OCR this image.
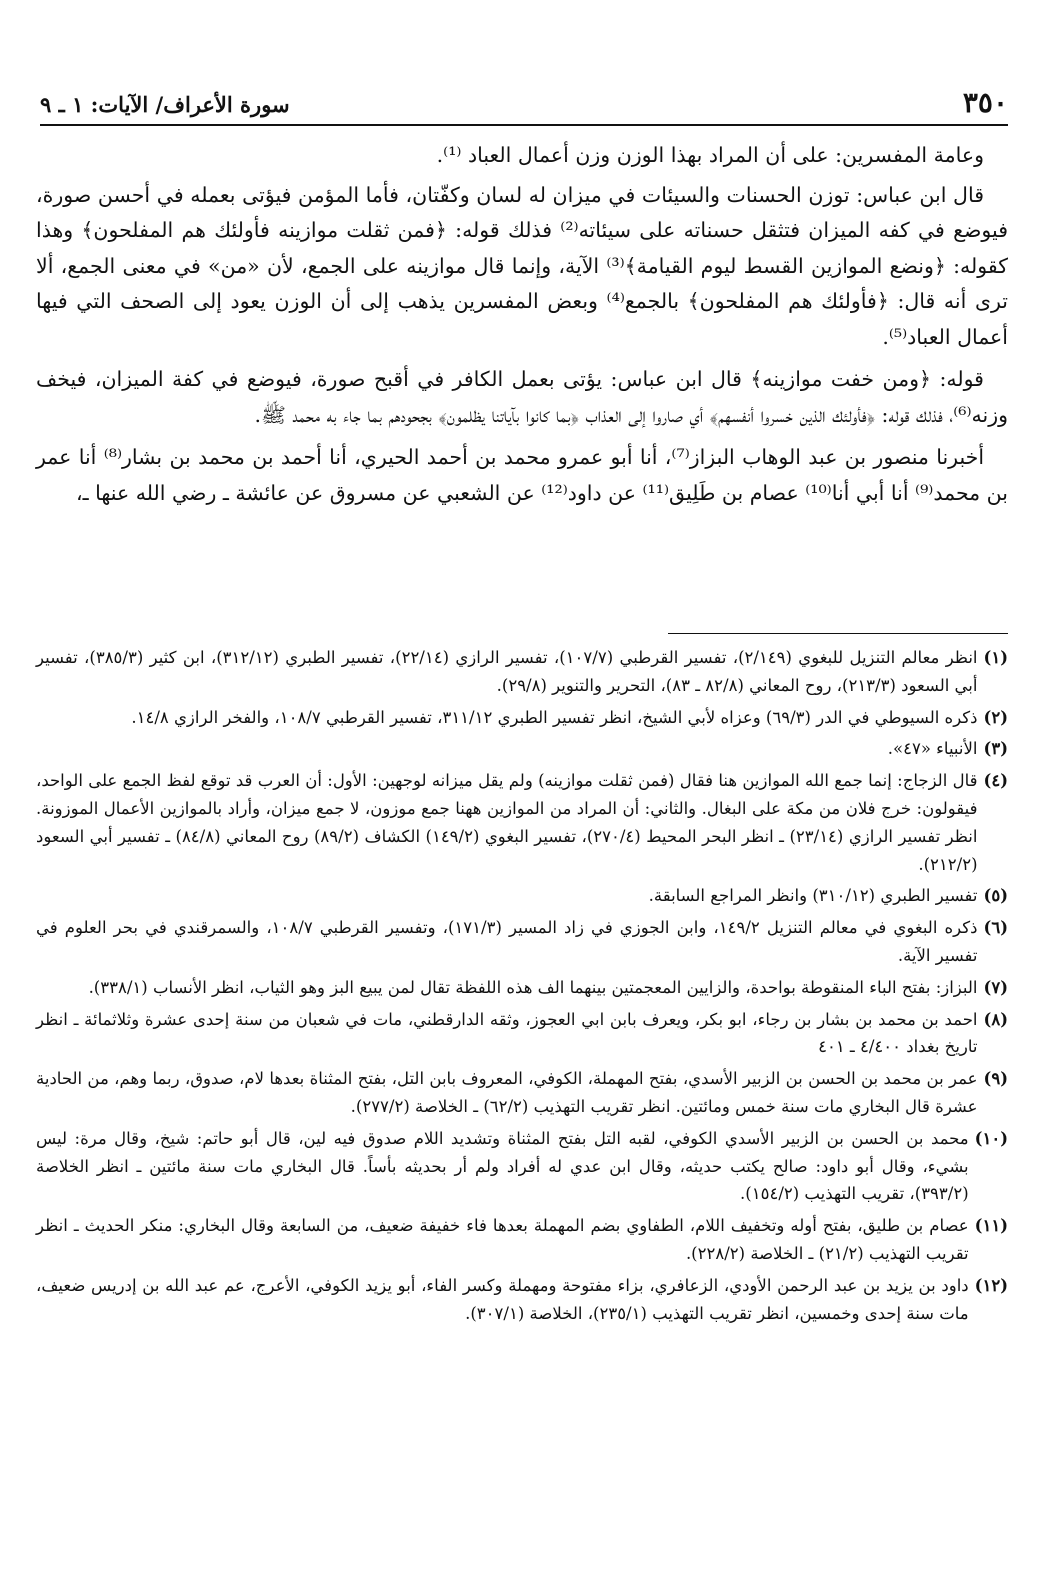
٣٥٠
سورة الأعراف/ الآيات: ١ ـ ٩

وعامة المفسرين: على أن المراد بهذا الوزن وزن أعمال العباد ⁽¹⁾.

قال ابن عباس: توزن الحسنات والسيئات في ميزان له لسان وكفّتان، فأما المؤمن فيؤتى بعمله في أحسن صورة، فيوضع في كفه الميزان فتثقل حسناته على سيئاته⁽²⁾ فذلك قوله: ﴿فمن ثقلت موازينه فأولئك هم المفلحون﴾ وهذا كقوله: ﴿ونضع الموازين القسط ليوم القيامة﴾⁽³⁾ الآية، وإنما قال موازينه على الجمع، لأن «من» في معنى الجمع، ألا ترى أنه قال: ﴿فأولئك هم المفلحون﴾ بالجمع⁽⁴⁾ وبعض المفسرين يذهب إلى أن الوزن يعود إلى الصحف التي فيها أعمال العباد⁽⁵⁾.

قوله: ﴿ومن خفت موازينه﴾ قال ابن عباس: يؤتى بعمل الكافر في أقبح صورة، فيوضع في كفة الميزان، فيخف وزنه⁽⁶⁾، فذلك قوله: ﴿فأولئك الذين خسروا أنفسهم﴾ أي صاروا إلى العذاب ﴿بما كانوا بآياتنا يظلمون﴾ بجحودهم بما جاء به محمد ﷺ.

أخبرنا منصور بن عبد الوهاب البزاز⁽⁷⁾، أنا أبو عمرو محمد بن أحمد الحيري، أنا أحمد بن محمد بن بشار⁽⁸⁾ أنا عمر بن محمد⁽⁹⁾ أنا أبي أنا⁽¹⁰⁾ عصام بن طَلِيق⁽¹¹⁾ عن داود⁽¹²⁾ عن الشعبي عن مسروق عن عائشة ـ رضي الله عنها ـ،

(١)
انظر معالم التنزيل للبغوي (٢/١٤٩)، تفسير القرطبي (١٠٧/٧)، تفسير الرازي (٢٢/١٤)، تفسير الطبري (٣١٢/١٢)، ابن كثير (٣٨٥/٣)، تفسير أبي السعود (٢١٣/٣)، روح المعاني (٨٢/٨ ـ ٨٣)، التحرير والتنوير (٢٩/٨).
(٢)
ذكره السيوطي في الدر (٦٩/٣) وعزاه لأبي الشيخ، انظر تفسير الطبري ٣١١/١٢، تفسير القرطبي ١٠٨/٧، والفخر الرازي ١٤/٨.
(٣)
الأنبياء «٤٧».
(٤)
قال الزجاج: إنما جمع الله الموازين هنا فقال (فمن ثقلت موازينه) ولم يقل ميزانه لوجهين: الأول: أن العرب قد توقع لفظ الجمع على الواحد، فيقولون: خرج فلان من مكة على البغال. والثاني: أن المراد من الموازين ههنا جمع موزون، لا جمع ميزان، وأراد بالموازين الأعمال الموزونة. انظر تفسير الرازي (٢٣/١٤) ـ انظر البحر المحيط (٢٧٠/٤)، تفسير البغوي (١٤٩/٢) الكشاف (٨٩/٢) روح المعاني (٨٤/٨) ـ تفسير أبي السعود (٢١٢/٢).
(٥)
تفسير الطبري (٣١٠/١٢) وانظر المراجع السابقة.
(٦)
ذكره البغوي في معالم التنزيل ١٤٩/٢، وابن الجوزي في زاد المسير (١٧١/٣)، وتفسير القرطبي ١٠٨/٧، والسمرقندي في بحر العلوم في تفسير الآية.
(٧)
البزاز: بفتح الباء المنقوطة بواحدة، والزايين المعجمتين بينهما الف هذه اللفظة تقال لمن يبيع البز وهو الثياب، انظر الأنساب (٣٣٨/١).
(٨)
احمد بن محمد بن بشار بن رجاء، ابو بكر، ويعرف بابن ابي العجوز، وثقه الدارقطني، مات في شعبان من سنة إحدى عشرة وثلاثمائة ـ انظر تاريخ بغداد ٤/٤٠٠ ـ ٤٠١
(٩)
عمر بن محمد بن الحسن بن الزبير الأسدي، بفتح المهملة، الكوفي، المعروف بابن التل، بفتح المثناة بعدها لام، صدوق، ربما وهم، من الحادية عشرة قال البخاري مات سنة خمس ومائتين. انظر تقريب التهذيب (٦٢/٢) ـ الخلاصة (٢٧٧/٢).
(١٠)
محمد بن الحسن بن الزبير الأسدي الكوفي، لقبه التل بفتح المثناة وتشديد اللام صدوق فيه لين، قال أبو حاتم: شيخ، وقال مرة: ليس بشيء، وقال أبو داود: صالح يكتب حديثه، وقال ابن عدي له أفراد ولم أر بحديثه بأساً. قال البخاري مات سنة مائتين ـ انظر الخلاصة (٣٩٣/٢)، تقريب التهذيب (١٥٤/٢).
(١١)
عصام بن طليق، بفتح أوله وتخفيف اللام، الطفاوي بضم المهملة بعدها فاء خفيفة ضعيف، من السابعة وقال البخاري: منكر الحديث ـ انظر تقريب التهذيب (٢١/٢) ـ الخلاصة (٢٢٨/٢).
(١٢)
داود بن يزيد بن عبد الرحمن الأودي، الزعافري، بزاء مفتوحة ومهملة وكسر الفاء، أبو يزيد الكوفي، الأعرج، عم عبد الله بن إدريس ضعيف، مات سنة إحدى وخمسين، انظر تقريب التهذيب (٢٣٥/١)، الخلاصة (٣٠٧/١).
